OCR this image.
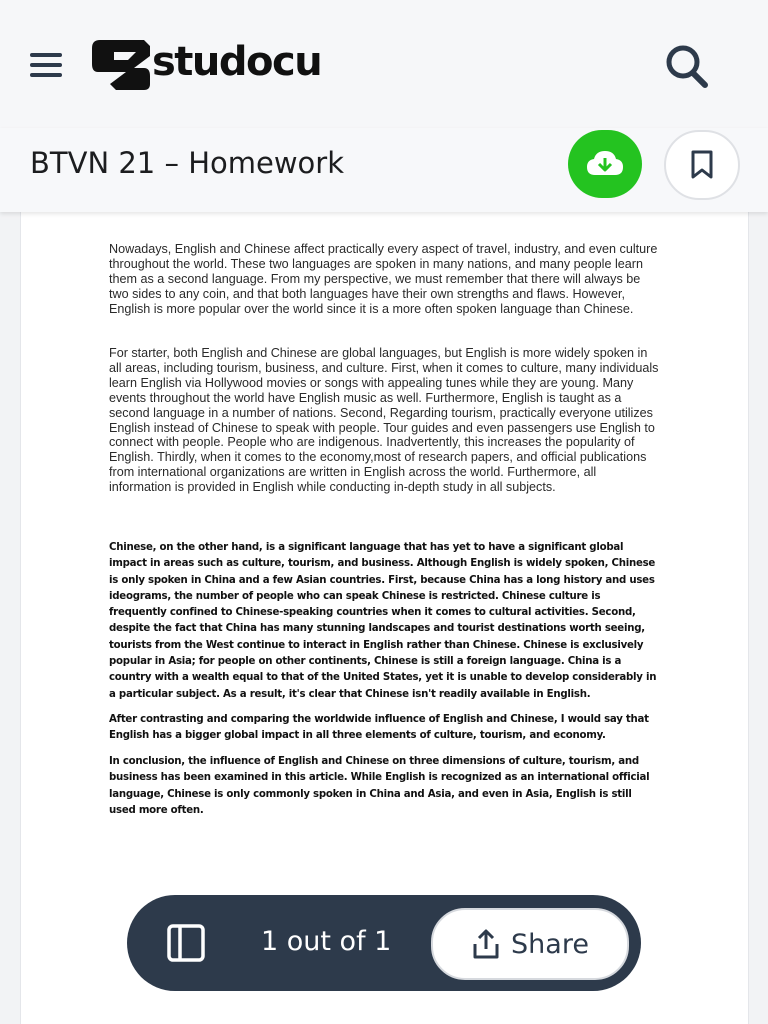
studocu
BTVN 21 – Homework

Nowadays, English and Chinese affect practically every aspect of travel, industry, and even culture throughout the world. These two languages are spoken in many nations, and many people learn them as a second language. From my perspective, we must remember that there will always be two sides to any coin, and that both languages have their own strengths and flaws. However, English is more popular over the world since it is a more often spoken language than Chinese.

For starter, both English and Chinese are global languages, but English is more widely spoken in all areas, including tourism, business, and culture. First, when it comes to culture, many individuals learn English via Hollywood movies or songs with appealing tunes while they are young. Many events throughout the world have English music as well. Furthermore, English is taught as a second language in a number of nations. Second, Regarding tourism, practically everyone utilizes English instead of Chinese to speak with people. Tour guides and even passengers use English to connect with people. People who are indigenous. Inadvertently, this increases the popularity of English. Thirdly, when it comes to the economy,most of research papers, and official publications from international organizations are written in English across the world. Furthermore, all information is provided in English while conducting in-depth study in all subjects.

Chinese, on the other hand, is a significant language that has yet to have a significant global impact in areas such as culture, tourism, and business. Although English is widely spoken, Chinese is only spoken in China and a few Asian countries. First, because China has a long history and uses ideograms, the number of people who can speak Chinese is restricted. Chinese culture is frequently confined to Chinese-speaking countries when it comes to cultural activities. Second, despite the fact that China has many stunning landscapes and tourist destinations worth seeing, tourists from the West continue to interact in English rather than Chinese. Chinese is exclusively popular in Asia; for people on other continents, Chinese is still a foreign language. China is a country with a wealth equal to that of the United States, yet it is unable to develop considerably in a particular subject. As a result, it's clear that Chinese isn't readily available in English.

After contrasting and comparing the worldwide influence of English and Chinese, I would say that English has a bigger global impact in all three elements of culture, tourism, and economy.

In conclusion, the influence of English and Chinese on three dimensions of culture, tourism, and business has been examined in this article. While English is recognized as an international official language, Chinese is only commonly spoken in China and Asia, and even in Asia, English is still used more often.

1 out of 1	Share
